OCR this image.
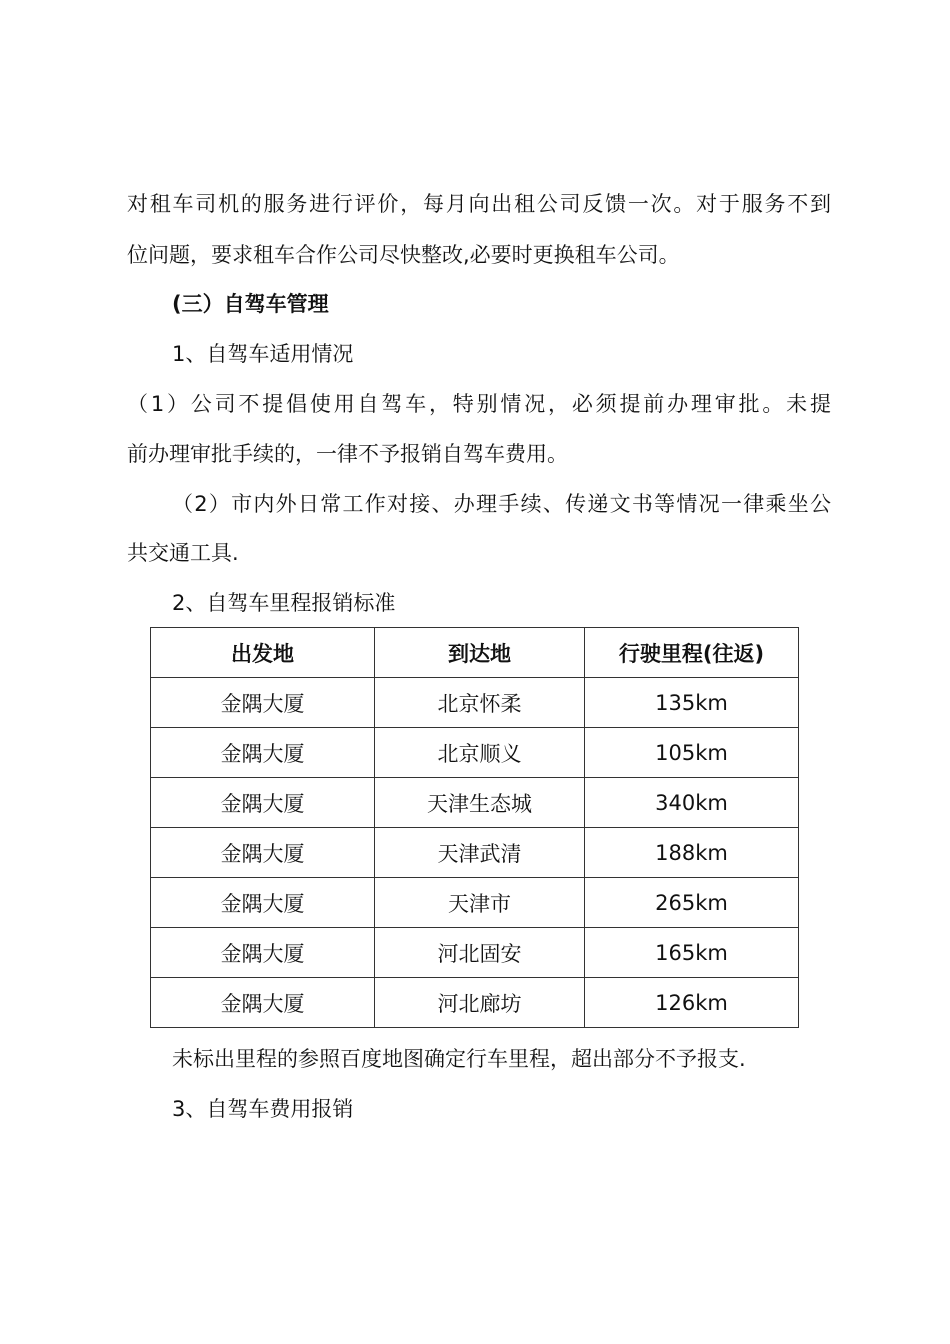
对租车司机的服务进行评价，每月向出租公司反馈一次。对于服务不到
位问题，要求租车合作公司尽快整改,必要时更换租车公司。
(三）自驾车管理
1、自驾车适用情况
（1）公司不提倡使用自驾车，特别情况，必须提前办理审批。未提
前办理审批手续的，一律不予报销自驾车费用。
（2）市内外日常工作对接、办理手续、传递文书等情况一律乘坐公
共交通工具.
2、自驾车里程报销标准
出发地	到达地	行驶里程(往返)
金隅大厦	北京怀柔	135km
金隅大厦	北京顺义	105km
金隅大厦	天津生态城	340km
金隅大厦	天津武清	188km
金隅大厦	天津市	265km
金隅大厦	河北固安	165km
金隅大厦	河北廊坊	126km
未标出里程的参照百度地图确定行车里程，超出部分不予报支.
3、自驾车费用报销
